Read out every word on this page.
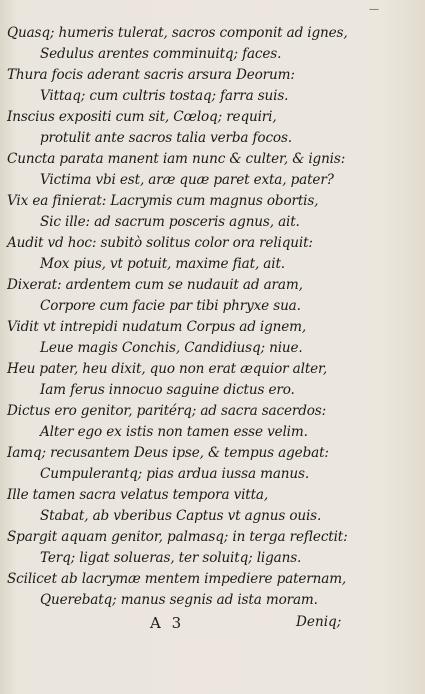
—
Quasq; humeris tulerat, sacros componit ad ignes,
Sedulus arentes comminuitq; faces.
Thura focis aderant sacris arsura Deorum:
Vittaq; cum cultris tostaq; farra suis.
Inscius expositi cum sit, Cœloq; requiri,
protulit ante sacros talia verba focos.
Cuncta parata manent iam nunc & culter, & ignis:
Victima vbi est, aræ quæ paret exta, pater?
Vix ea finierat: Lacrymis cum magnus obortis,
Sic ille: ad sacrum posceris agnus, ait.
Audit vd hoc: subitò solitus color ora reliquit:
Mox pius, vt potuit, maxime fiat, ait.
Dixerat: ardentem cum se nudauit ad aram,
Corpore cum facie par tibi phryxe sua.
Vidit vt intrepidi nudatum Corpus ad ignem,
Leue magis Conchis, Candidiusq; niue.
Heu pater, heu dixit, quo non erat æquior alter,
Iam ferus innocuo saguine dictus ero.
Dictus ero genitor, paritérq; ad sacra sacerdos:
Alter ego ex istis non tamen esse velim.
Iamq; recusantem Deus ipse, & tempus agebat:
Cumpulerantq; pias ardua iussa manus.
Ille tamen sacra velatus tempora vitta,
Stabat, ab vberibus Captus vt agnus ouis.
Spargit aquam genitor, palmasq; in terga reflectit:
Terq; ligat solueras, ter soluitq; ligans.
Scilicet ab lacrymæ mentem impediere paternam,
Querebatq; manus segnis ad ista moram.
A 3	Deniq;
